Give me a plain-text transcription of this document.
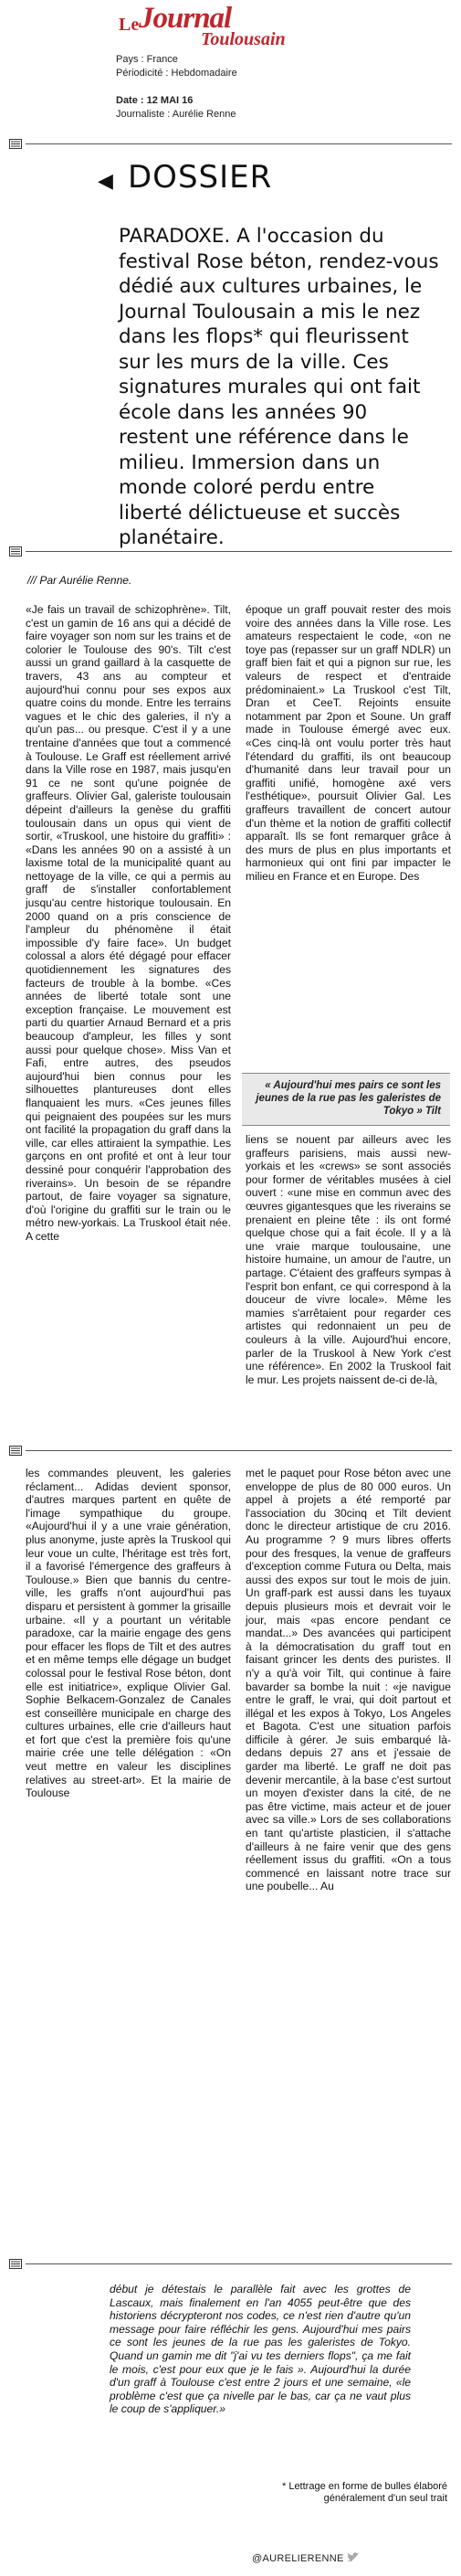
Le Journal
Toulousain
Pays : France
Périodicité : Hebdomadaire
Date : 12 MAI 16
Journaliste : Aurélie Renne
◀ DOSSIER
PARADOXE. A l'occasion du festival Rose béton, rendez-vous dédié aux cultures urbaines, le Journal Toulousain a mis le nez dans les flops* qui fleurissent sur les murs de la ville. Ces signatures murales qui ont fait école dans les années 90 restent une référence dans le milieu. Immersion dans un monde coloré perdu entre liberté délictueuse et succès planétaire.
/// Par Aurélie Renne.
«Je fais un travail de schizophrène». Tilt, c'est un gamin de 16 ans qui a décidé de faire voyager son nom sur les trains et de colorier le Toulouse des 90's. Tilt c'est aussi un grand gaillard à la casquette de travers, 43 ans au compteur et aujourd'hui connu pour ses expos aux quatre coins du monde. Entre les terrains vagues et le chic des galeries, il n'y a qu'un pas... ou presque. C'est il y a une trentaine d'années que tout a commencé à Toulouse. Le Graff est réellement arrivé dans la Ville rose en 1987, mais jusqu'en 91 ce ne sont qu'une poignée de graffeurs. Olivier Gal, galeriste toulousain dépeint d'ailleurs la genèse du graffiti toulousain dans un opus qui vient de sortir, «Truskool, une histoire du graffiti» : «Dans les années 90 on a assisté à un laxisme total de la municipalité quant au nettoyage de la ville, ce qui a permis au graff de s'installer confortablement jusqu'au centre historique toulousain. En 2000 quand on a pris conscience de l'ampleur du phénomène il était impossible d'y faire face». Un budget colossal a alors été dégagé pour effacer quotidiennement les signatures des facteurs de trouble à la bombe. «Ces années de liberté totale sont une exception française. Le mouvement est parti du quartier Arnaud Bernard et a pris beaucoup d'ampleur, les filles y sont aussi pour quelque chose». Miss Van et Fafi, entre autres, des pseudos aujourd'hui bien connus pour les silhouettes plantureuses dont elles flanquaient les murs. «Ces jeunes filles qui peignaient des poupées sur les murs ont facilité la propagation du graff dans la ville, car elles attiraient la sympathie. Les garçons en ont profité et ont à leur tour dessiné pour conquérir l'approbation des riverains». Un besoin de se répandre partout, de faire voyager sa signature, d'où l'origine du graffiti sur le train ou le métro new-yorkais. La Truskool était née. A cette
époque un graff pouvait rester des mois voire des années dans la Ville rose. Les amateurs respectaient le code, «on ne toye pas (repasser sur un graff NDLR) un graff bien fait et qui a pignon sur rue, les valeurs de respect et d'entraide prédominaient.» La Truskool c'est Tilt, Dran et CeeT. Rejoints ensuite notamment par 2pon et Soune. Un graff made in Toulouse émergé avec eux. «Ces cinq-là ont voulu porter très haut l'étendard du graffiti, ils ont beaucoup d'humanité dans leur travail pour un graffiti unifié, homogène axé vers l'esthétique», poursuit Olivier Gal. Les graffeurs travaillent de concert autour d'un thème et la notion de graffiti collectif apparaît. Ils se font remarquer grâce à des murs de plus en plus importants et harmonieux qui ont fini par impacter le milieu en France et en Europe. Des
« Aujourd'hui mes pairs ce sont les jeunes de la rue pas les galeristes de Tokyo » Tilt
liens se nouent par ailleurs avec les graffeurs parisiens, mais aussi new-yorkais et les «crews» se sont associés pour former de véritables musées à ciel ouvert : «une mise en commun avec des œuvres gigantesques que les riverains se prenaient en pleine tête : ils ont formé quelque chose qui a fait école. Il y a là une vraie marque toulousaine, une histoire humaine, un amour de l'autre, un partage. C'étaient des graffeurs sympas à l'esprit bon enfant, ce qui correspond à la douceur de vivre locale». Même les mamies s'arrêtaient pour regarder ces artistes qui redonnaient un peu de couleurs à la ville. Aujourd'hui encore, parler de la Truskool à New York c'est une référence». En 2002 la Truskool fait le mur. Les projets naissent de-ci de-là,
les commandes pleuvent, les galeries réclament... Adidas devient sponsor, d'autres marques partent en quête de l'image sympathique du groupe. «Aujourd'hui il y a une vraie génération, plus anonyme, juste après la Truskool qui leur voue un culte, l'héritage est très fort, il a favorisé l'émergence des graffeurs à Toulouse.» Bien que bannis du centre-ville, les graffs n'ont aujourd'hui pas disparu et persistent à gommer la grisaille urbaine. «Il y a pourtant un véritable paradoxe, car la mairie engage des gens pour effacer les flops de Tilt et des autres et en même temps elle dégage un budget colossal pour le festival Rose béton, dont elle est initiatrice», explique Olivier Gal. Sophie Belkacem-Gonzalez de Canales est conseillère municipale en charge des cultures urbaines, elle crie d'ailleurs haut et fort que c'est la première fois qu'une mairie crée une telle délégation : «On veut mettre en valeur les disciplines relatives au street-art». Et la mairie de Toulouse
met le paquet pour Rose béton avec une enveloppe de plus de 80 000 euros. Un appel à projets a été remporté par l'association du 30cinq et Tilt devient donc le directeur artistique de cru 2016. Au programme ? 9 murs libres offerts pour des fresques, la venue de graffeurs d'exception comme Futura ou Delta, mais aussi des expos sur tout le mois de juin. Un graff-park est aussi dans les tuyaux depuis plusieurs mois et devrait voir le jour, mais «pas encore pendant ce mandat...» Des avancées qui participent à la démocratisation du graff tout en faisant grincer les dents des puristes. Il n'y a qu'à voir Tilt, qui continue à faire bavarder sa bombe la nuit : «je navigue entre le graff, le vrai, qui doit partout et illégal et les expos à Tokyo, Los Angeles et Bagota. C'est une situation parfois difficile à gérer. Je suis embarqué là-dedans depuis 27 ans et j'essaie de garder ma liberté. Le graff ne doit pas devenir mercantile, à la base c'est surtout un moyen d'exister dans la cité, de ne pas être victime, mais acteur et de jouer avec sa ville.» Lors de ses collaborations en tant qu'artiste plasticien, il s'attache d'ailleurs à ne faire venir que des gens réellement issus du graffiti. «On a tous commencé en laissant notre trace sur une poubelle... Au
début je détestais le parallèle fait avec les grottes de Lascaux, mais finalement en l'an 4055 peut-être que des historiens décrypteront nos codes, ce n'est rien d'autre qu'un message pour faire réfléchir les gens. Aujourd'hui mes pairs ce sont les jeunes de la rue pas les galeristes de Tokyo. Quand un gamin me dit "j'ai vu tes derniers flops", ça me fait le mois, c'est pour eux que je le fais ». Aujourd'hui la durée d'un graff à Toulouse c'est entre 2 jours et une semaine, «le problème c'est que ça nivelle par le bas, car ça ne vaut plus le coup de s'appliquer.»
* Lettrage en forme de bulles élaboré généralement d'un seul trait
@AURELIERENNE
